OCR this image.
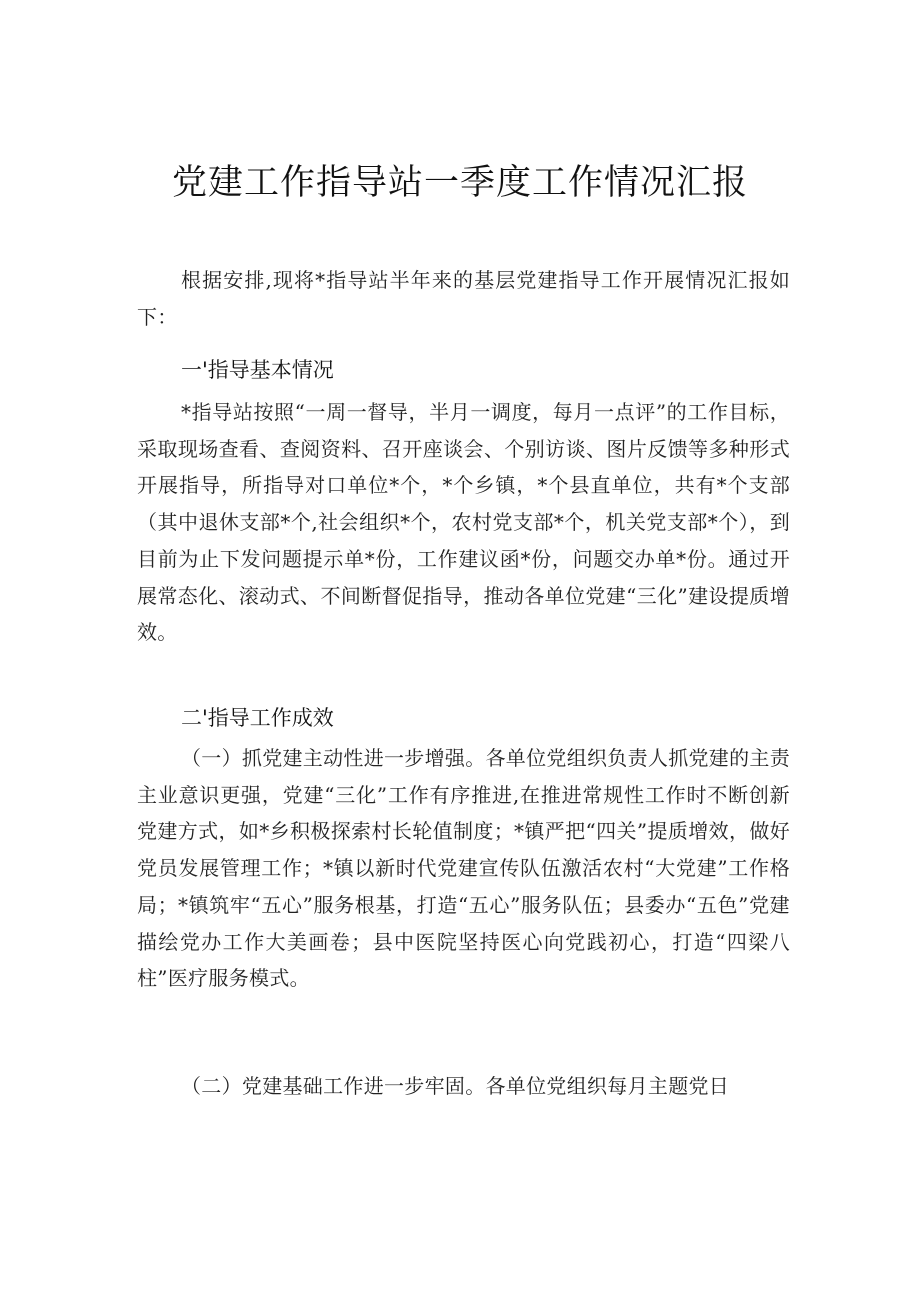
党建工作指导站一季度工作情况汇报

根据安排,现将*指导站半年来的基层党建指导工作开展情况汇报如下：

一'指导基本情况

*指导站按照“一周一督导，半月一调度，每月一点评”的工作目标，采取现场查看、查阅资料、召开座谈会、个别访谈、图片反馈等多种形式开展指导，所指导对口单位*个，*个乡镇，*个县直单位，共有*个支部（其中退休支部*个,社会组织*个，农村党支部*个，机关党支部*个），到目前为止下发问题提示单*份，工作建议函*份，问题交办单*份。通过开展常态化、滚动式、不间断督促指导，推动各单位党建“三化”建设提质增效。

二'指导工作成效

（一）抓党建主动性进一步增强。各单位党组织负责人抓党建的主责主业意识更强，党建“三化”工作有序推进,在推进常规性工作时不断创新党建方式，如*乡积极探索村长轮值制度；*镇严把“四关”提质增效，做好党员发展管理工作；*镇以新时代党建宣传队伍激活农村“大党建”工作格局；*镇筑牢“五心”服务根基，打造“五心”服务队伍；县委办“五色”党建描绘党办工作大美画卷；县中医院坚持医心向党践初心，打造“四梁八柱”医疗服务模式。

（二）党建基础工作进一步牢固。各单位党组织每月主题党日
